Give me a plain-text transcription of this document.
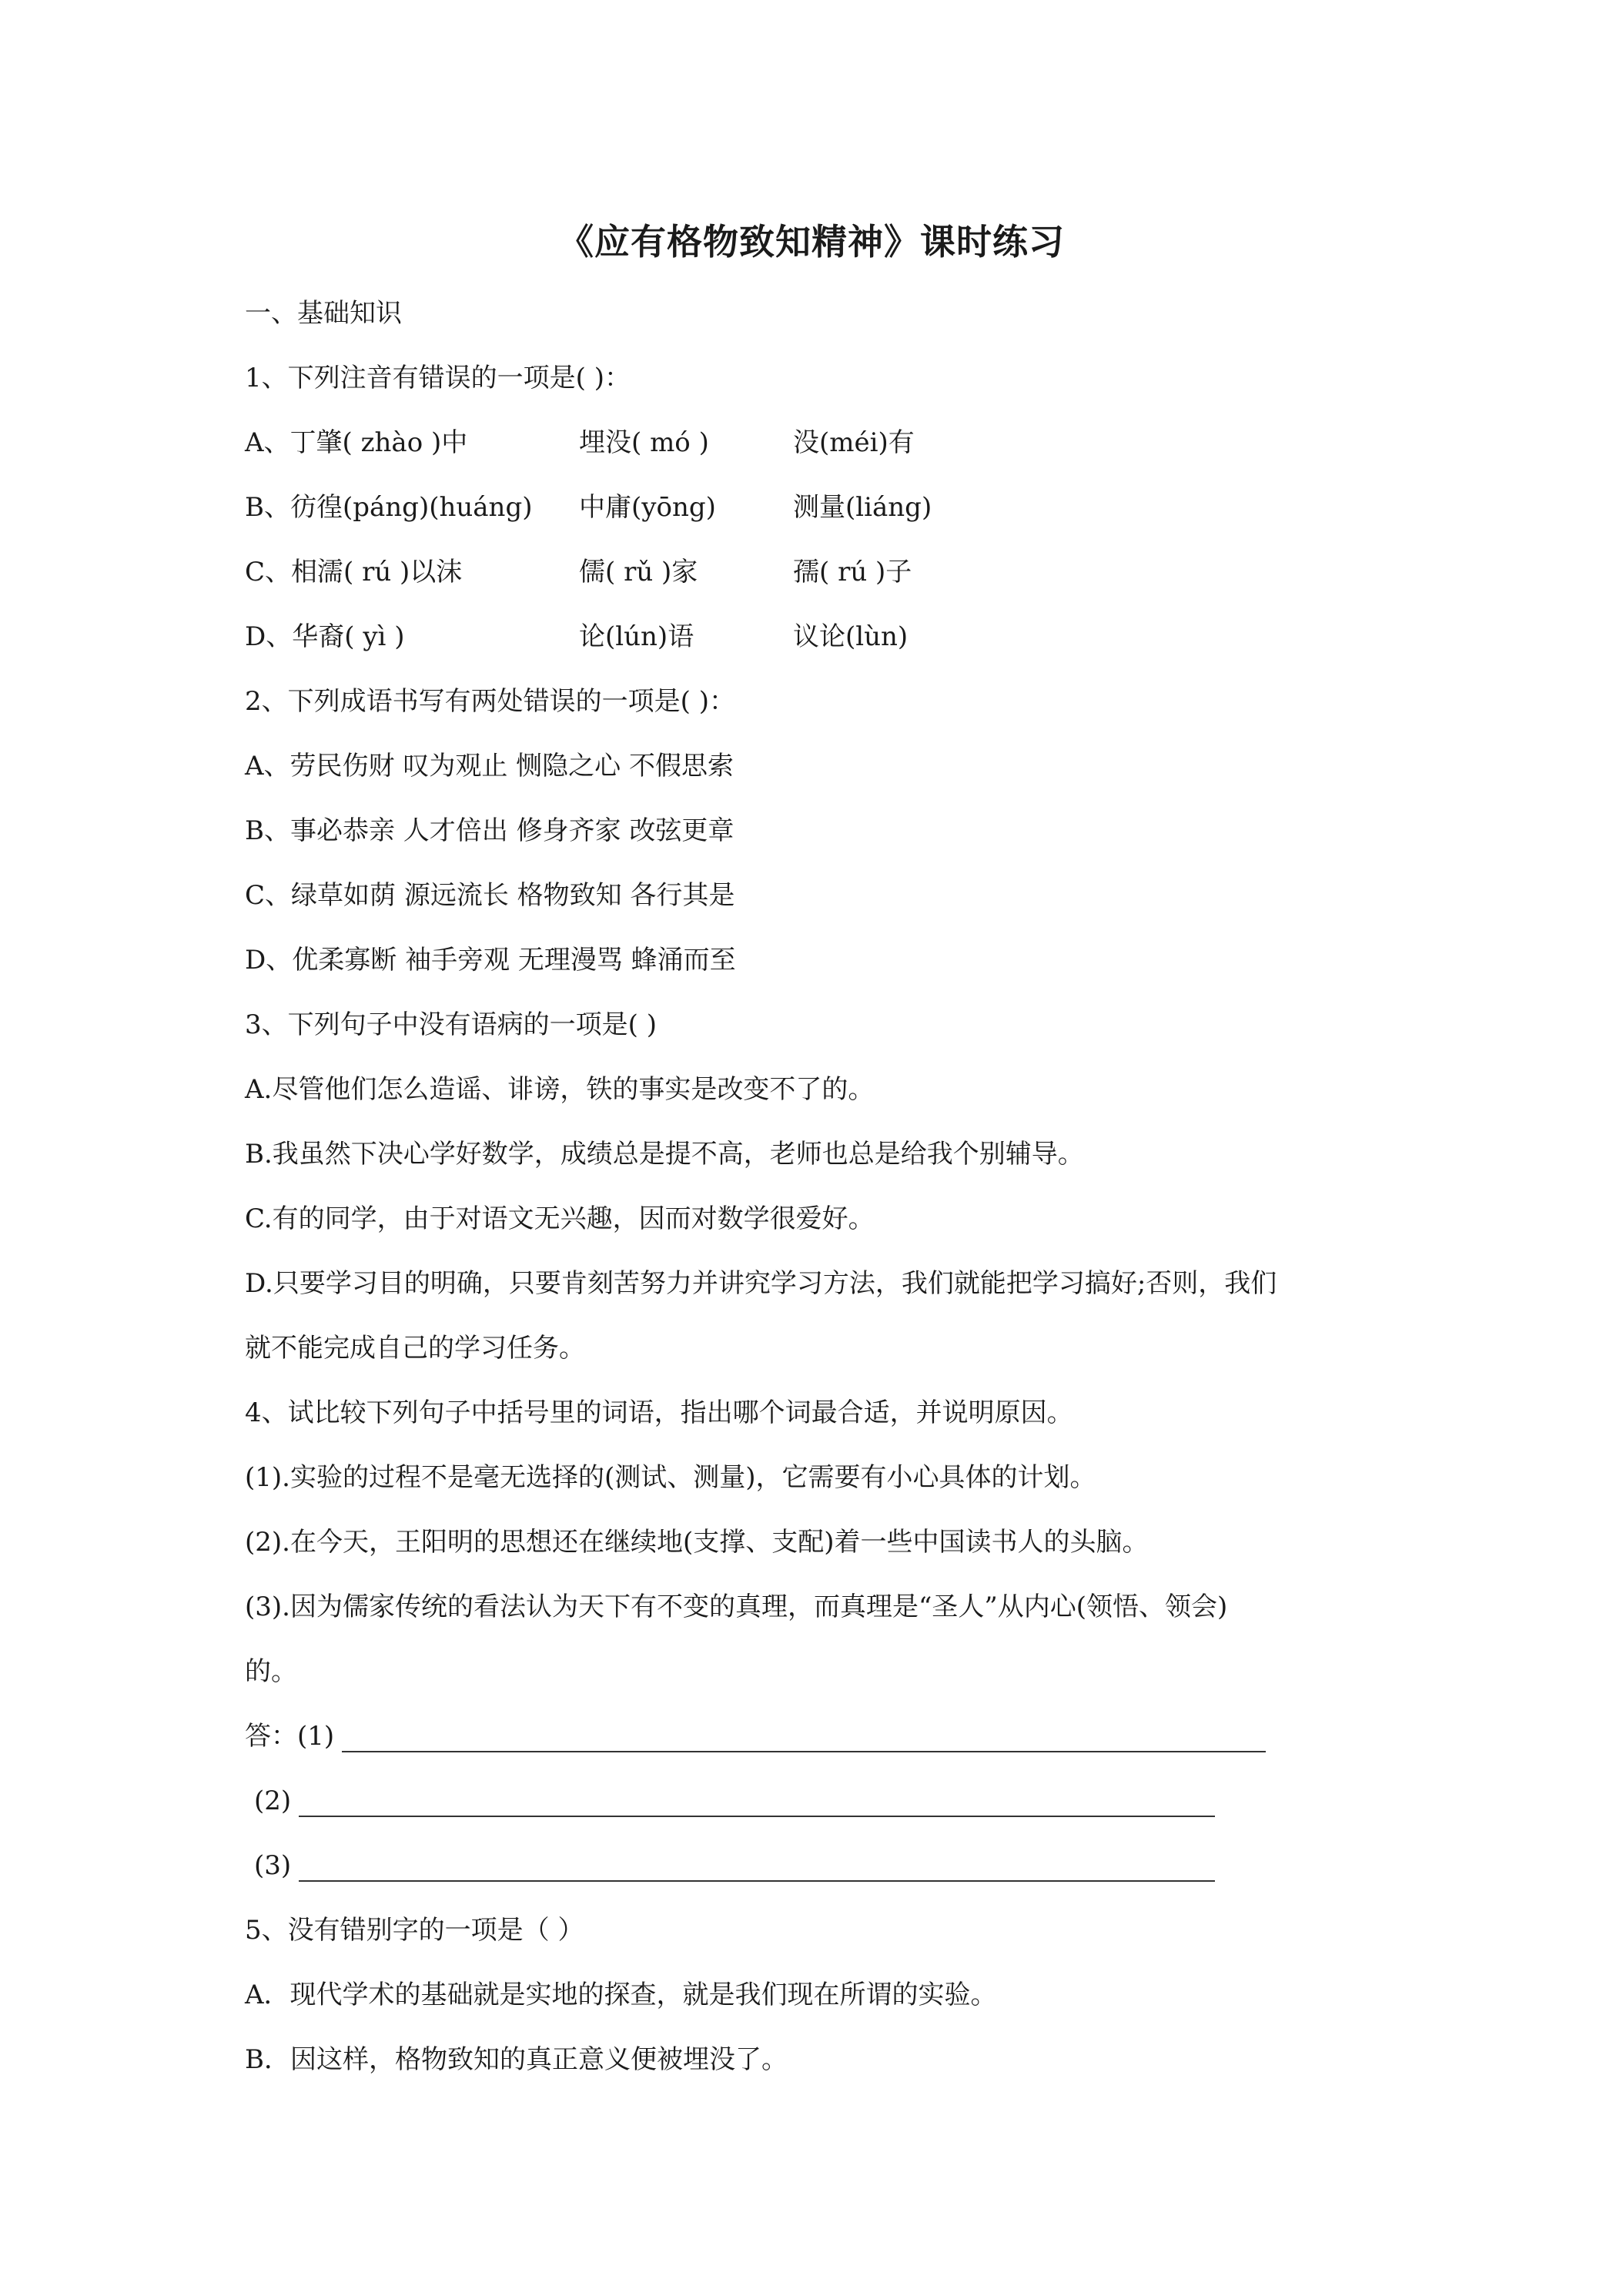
《应有格物致知精神》课时练习
一、基础知识
1、下列注音有错误的一项是( )：
A、丁肇( zhào )中	埋没( mó )	没(méi)有
B、彷徨(páng)(huáng) 中庸(yōng)	测量(liáng)
C、相濡( rú )以沫	儒( rǔ )家	孺( rú )子
D、华裔( yì )	论(lún)语	议论(lùn)
2、下列成语书写有两处错误的一项是( )：
A、劳民伤财 叹为观止 恻隐之心 不假思索
B、事必恭亲 人才倍出 修身齐家 改弦更章
C、绿草如荫 源远流长 格物致知 各行其是
D、优柔寡断 袖手旁观 无理漫骂 蜂涌而至
3、下列句子中没有语病的一项是( )
A.尽管他们怎么造谣、诽谤，铁的事实是改变不了的。
B.我虽然下决心学好数学，成绩总是提不高，老师也总是给我个别辅导。
C.有的同学，由于对语文无兴趣，因而对数学很爱好。
D.只要学习目的明确，只要肯刻苦努力并讲究学习方法，我们就能把学习搞好;否则，我们
就不能完成自己的学习任务。
4、试比较下列句子中括号里的词语，指出哪个词最合适，并说明原因。
(1).实验的过程不是毫无选择的(测试、测量)，它需要有小心具体的计划。
(2).在今天，王阳明的思想还在继续地(支撑、支配)着一些中国读书人的头脑。
(3).因为儒家传统的看法认为天下有不变的真理，而真理是“圣人”从内心(领悟、领会)
的。
答：(1)
(2)
(3)
5、没有错别字的一项是（ ）
A．现代学术的基础就是实地的探查，就是我们现在所谓的实验。
B．因这样，格物致知的真正意义便被埋没了。
